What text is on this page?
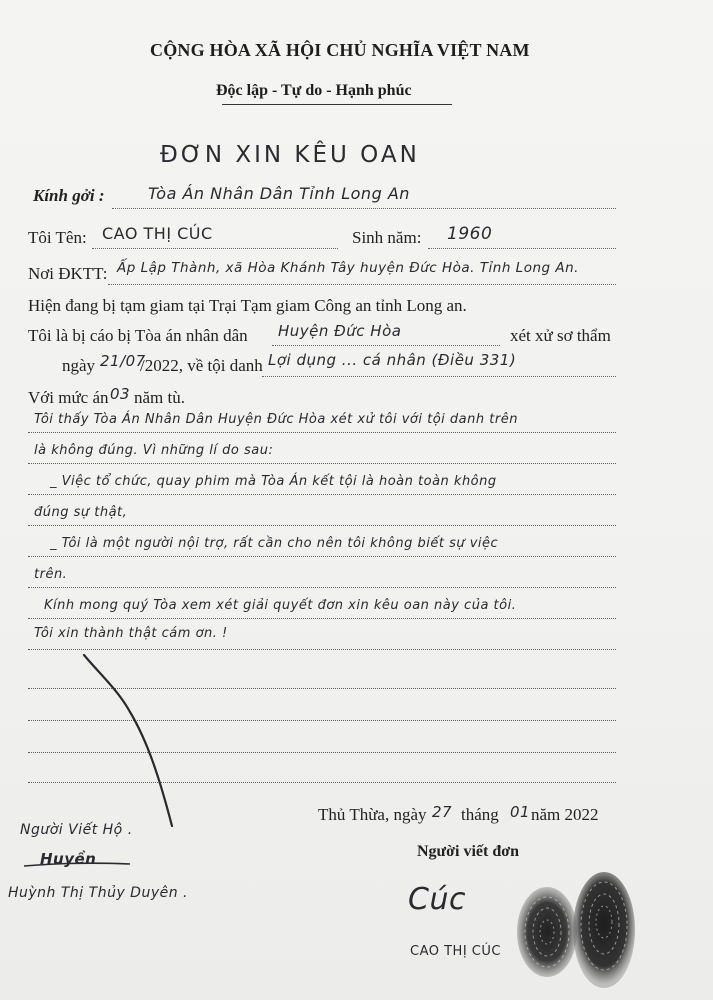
CỘNG HÒA XÃ HỘI CHỦ NGHĨA VIỆT NAM
Độc lập - Tự do - Hạnh phúc
ĐƠN XIN KÊU OAN
Kính gởi :	Tòa Án Nhân Dân Tỉnh Long An
Tôi Tên: CAO THỊ CÚC	Sinh năm: 1960
Nơi ĐKTT: Ấp Lập Thành, xã Hòa Khánh Tây huyện Đức Hòa. Tỉnh Long An.
Hiện đang bị tạm giam tại Trại Tạm giam Công an tỉnh Long an.
Tôi là bị cáo bị Tòa án nhân dân Huyện Đức Hòa	xét xử sơ thẩm
ngày 21/07
/2022, về tội danh Lợi dụng ... cá nhân (Điều 331)
Với mức án 03 năm tù.
Tôi thấy Tòa Án Nhân Dân Huyện Đức Hòa xét xử tôi với tội danh trên
là không đúng. Vì những lí do sau:
_ Việc tổ chức, quay phim mà Tòa Án kết tội là hoàn toàn không
đúng sự thật,
_ Tôi là một người nội trợ, rất cần cho nên tôi không biết sự việc
trên.
Kính mong quý Tòa xem xét giải quyết đơn xin kêu oan này của tôi.
Tôi xin thành thật cám ơn. !
Thủ Thừa, ngày 27 tháng 01 năm 2022
Người viết đơn
Cúc
CAO THỊ CÚC
Người Viết Hộ .
Huyền
Huỳnh Thị Thủy Duyên .
